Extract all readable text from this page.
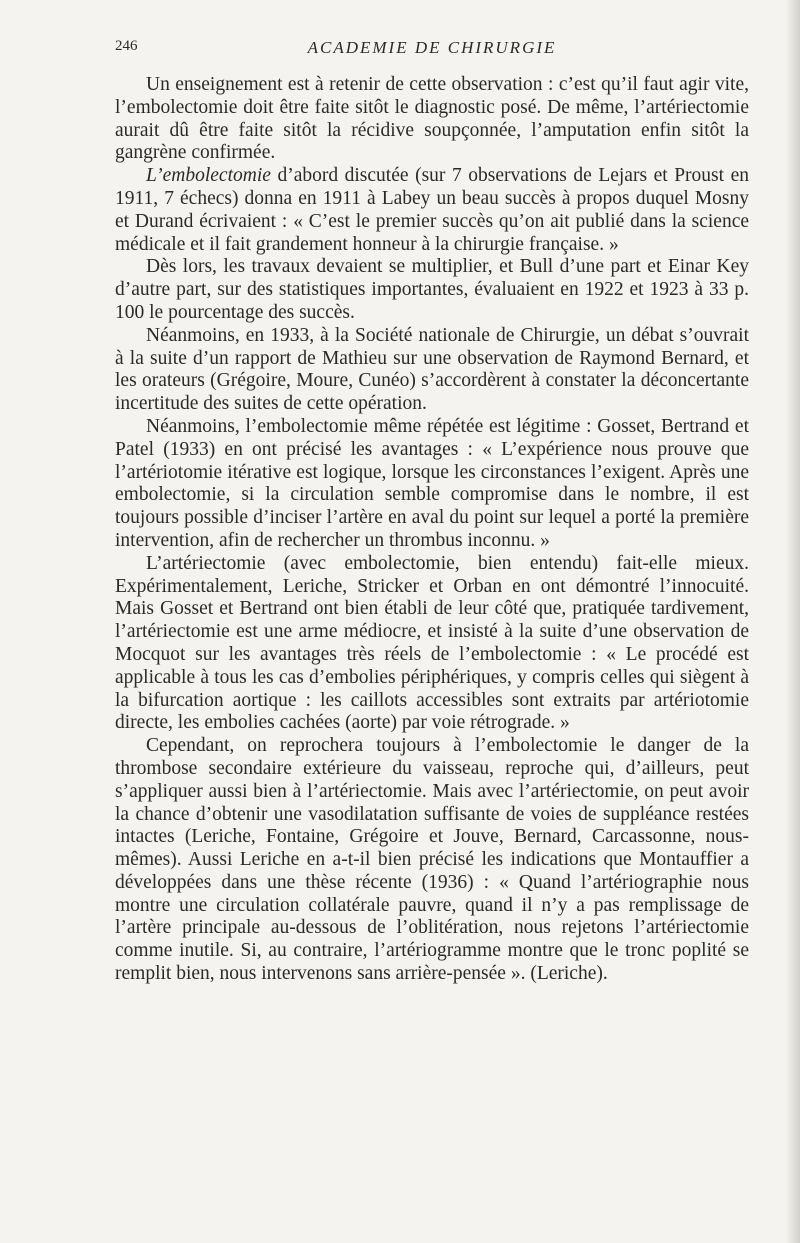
246	ACADEMIE DE CHIRURGIE

Un enseignement est à retenir de cette observation : c’est qu’il faut agir vite, l’embolectomie doit être faite sitôt le diagnostic posé. De même, l’artériectomie aurait dû être faite sitôt la récidive soupçonnée, l’amputation enfin sitôt la gangrène confirmée.

L’embolectomie d’abord discutée (sur 7 observations de Lejars et Proust en 1911, 7 échecs) donna en 1911 à Labey un beau succès à propos duquel Mosny et Durand écrivaient : « C’est le premier succès qu’on ait publié dans la science médicale et il fait grandement honneur à la chirurgie française. »

Dès lors, les travaux devaient se multiplier, et Bull d’une part et Einar Key d’autre part, sur des statistiques importantes, évaluaient en 1922 et 1923 à 33 p. 100 le pourcentage des succès.

Néanmoins, en 1933, à la Société nationale de Chirurgie, un débat s’ouvrait à la suite d’un rapport de Mathieu sur une observation de Raymond Bernard, et les orateurs (Grégoire, Moure, Cunéo) s’accordèrent à constater la déconcertante incertitude des suites de cette opération.

Néanmoins, l’embolectomie même répétée est légitime : Gosset, Bertrand et Patel (1933) en ont précisé les avantages : « L’expérience nous prouve que l’artériotomie itérative est logique, lorsque les circonstances l’exigent. Après une embolectomie, si la circulation semble compromise dans le nombre, il est toujours possible d’inciser l’artère en aval du point sur lequel a porté la première intervention, afin de rechercher un thrombus inconnu. »

L’artériectomie (avec embolectomie, bien entendu) fait-elle mieux. Expérimentalement, Leriche, Stricker et Orban en ont démontré l’innocuité. Mais Gosset et Bertrand ont bien établi de leur côté que, pratiquée tardivement, l’artériectomie est une arme médiocre, et insisté à la suite d’une observation de Mocquot sur les avantages très réels de l’embolectomie : « Le procédé est applicable à tous les cas d’embolies périphériques, y compris celles qui siègent à la bifurcation aortique : les caillots accessibles sont extraits par artériotomie directe, les embolies cachées (aorte) par voie rétrograde. »

Cependant, on reprochera toujours à l’embolectomie le danger de la thrombose secondaire extérieure du vaisseau, reproche qui, d’ailleurs, peut s’appliquer aussi bien à l’artériectomie. Mais avec l’artériectomie, on peut avoir la chance d’obtenir une vasodilatation suffisante de voies de suppléance restées intactes (Leriche, Fontaine, Grégoire et Jouve, Bernard, Carcassonne, nous-mêmes). Aussi Leriche en a-t-il bien précisé les indications que Montauffier a développées dans une thèse récente (1936) : « Quand l’artériographie nous montre une circulation collatérale pauvre, quand il n’y a pas remplissage de l’artère principale au-dessous de l’oblitération, nous rejetons l’artériectomie comme inutile. Si, au contraire, l’artériogramme montre que le tronc poplité se remplit bien, nous intervenons sans arrière-pensée ». (Leriche).
